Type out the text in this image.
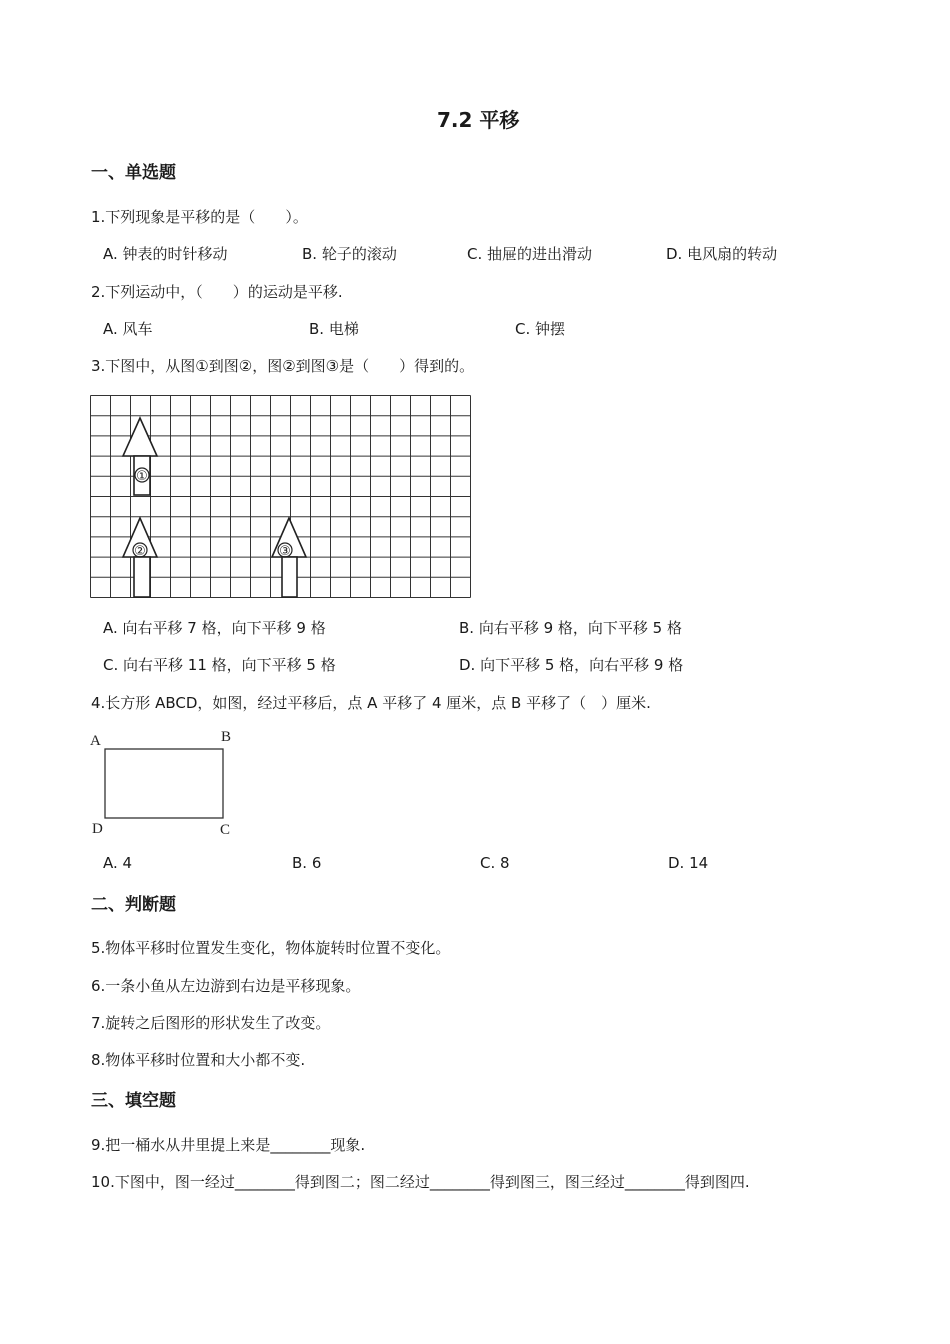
7.2 平移
一、单选题
1.下列现象是平移的是（　　）。
A. 钟表的时针移动	B. 轮子的滚动	C. 抽屉的进出滑动	D. 电风扇的转动
2.下列运动中，（　　）的运动是平移.
A. 风车	B. 电梯	C. 钟摆
3.下图中，从图①到图②，图②到图③是（　　）得到的。
①
②	③
A. 向右平移 7 格，向下平移 9 格	B. 向右平移 9 格，向下平移 5 格
C. 向右平移 11 格，向下平移 5 格	D. 向下平移 5 格，向右平移 9 格
4.长方形 ABCD，如图，经过平移后，点 A 平移了 4 厘米，点 B 平移了（　）厘米.
A	B
C
D
A. 4	B. 6	C. 8	D. 14
二、判断题
5.物体平移时位置发生变化，物体旋转时位置不变化。
6.一条小鱼从左边游到右边是平移现象。
7.旋转之后图形的形状发生了改变。
8.物体平移时位置和大小都不变.
三、填空题
9.把一桶水从井里提上来是________现象.
10.下图中，图一经过________得到图二；图二经过________得到图三，图三经过________得到图四.
